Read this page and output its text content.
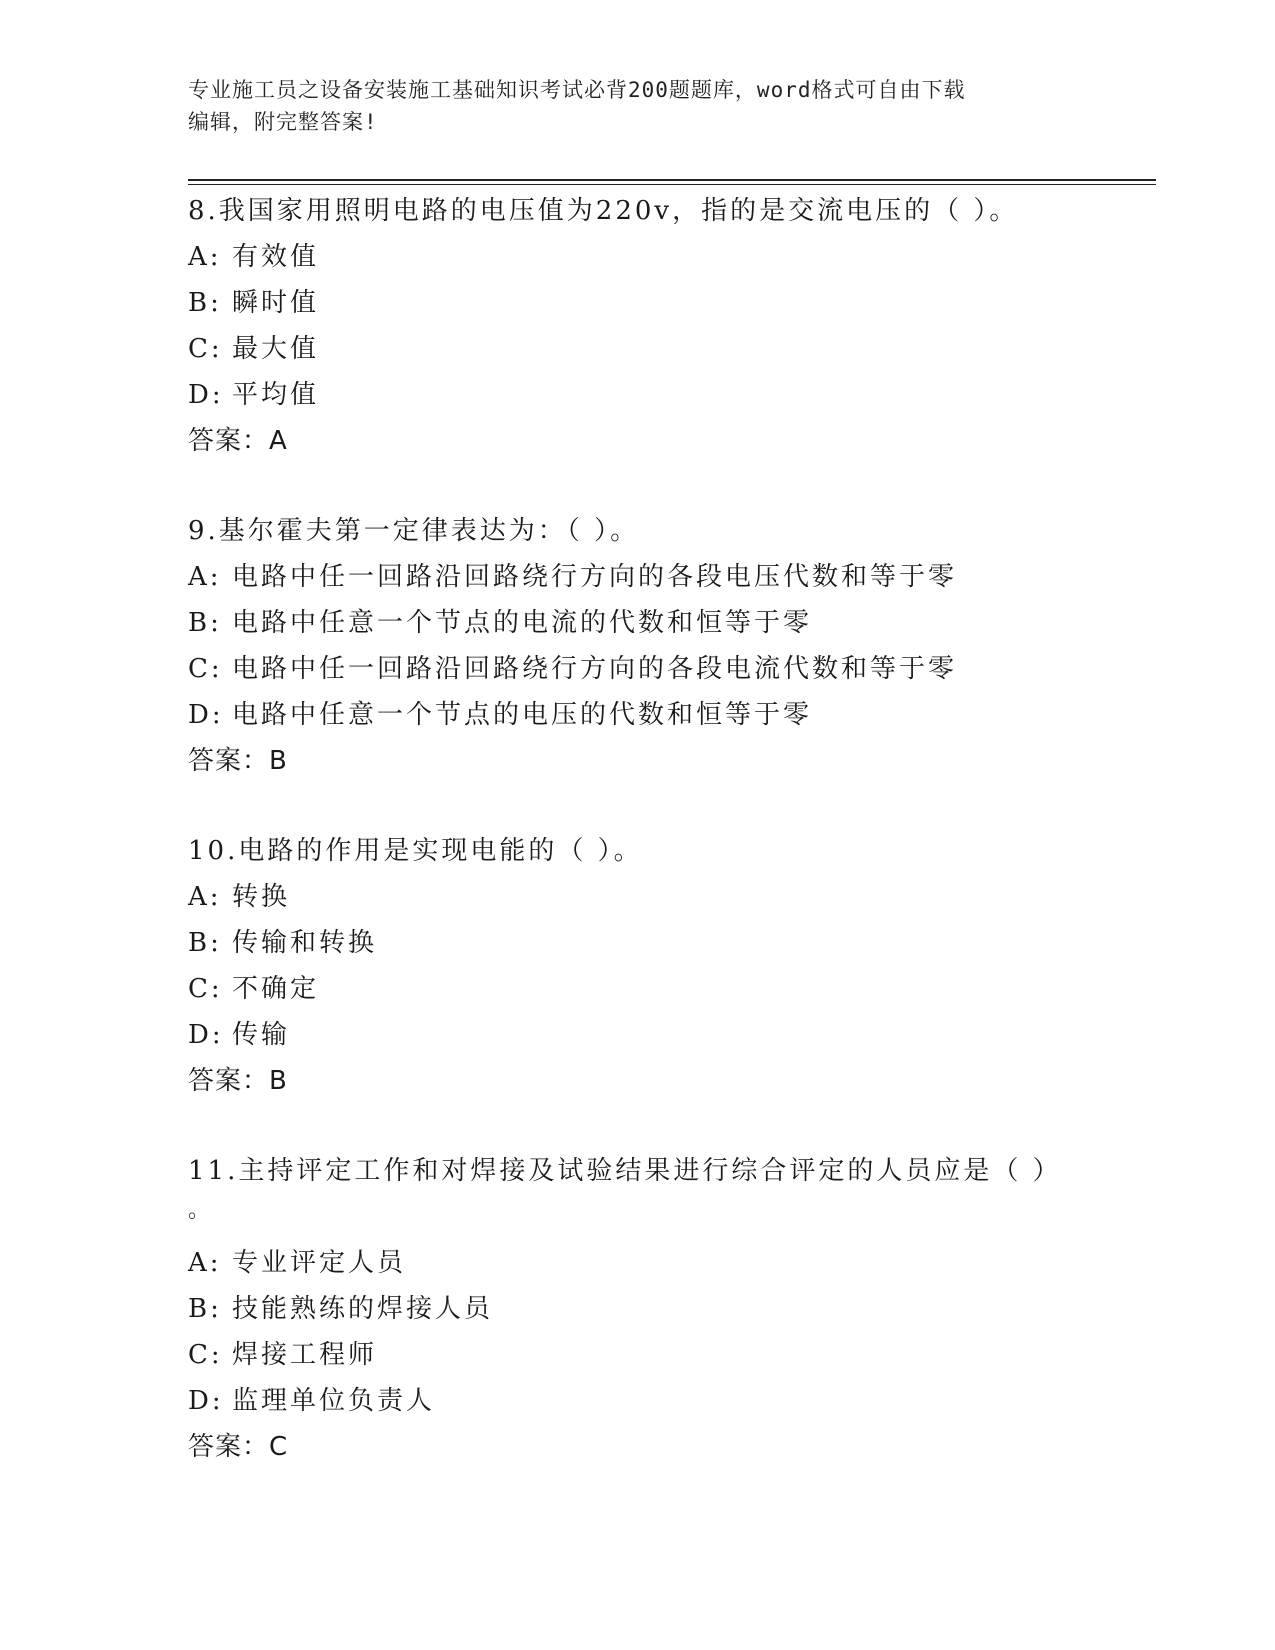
专业施工员之设备安装施工基础知识考试必背200题题库，word格式可自由下载
编辑，附完整答案!
8.我国家用照明电路的电压值为220v，指的是交流电压的（ ）。
A: 有效值
B: 瞬时值
C: 最大值
D: 平均值
答案：A
9.基尔霍夫第一定律表达为：（ ）。
A: 电路中任一回路沿回路绕行方向的各段电压代数和等于零
B: 电路中任意一个节点的电流的代数和恒等于零
C: 电路中任一回路沿回路绕行方向的各段电流代数和等于零
D: 电路中任意一个节点的电压的代数和恒等于零
答案：B
10.电路的作用是实现电能的（ ）。
A: 转换
B: 传输和转换
C: 不确定
D: 传输
答案：B
11.主持评定工作和对焊接及试验结果进行综合评定的人员应是（ ）
。
A: 专业评定人员
B: 技能熟练的焊接人员
C: 焊接工程师
D: 监理单位负责人
答案：C
